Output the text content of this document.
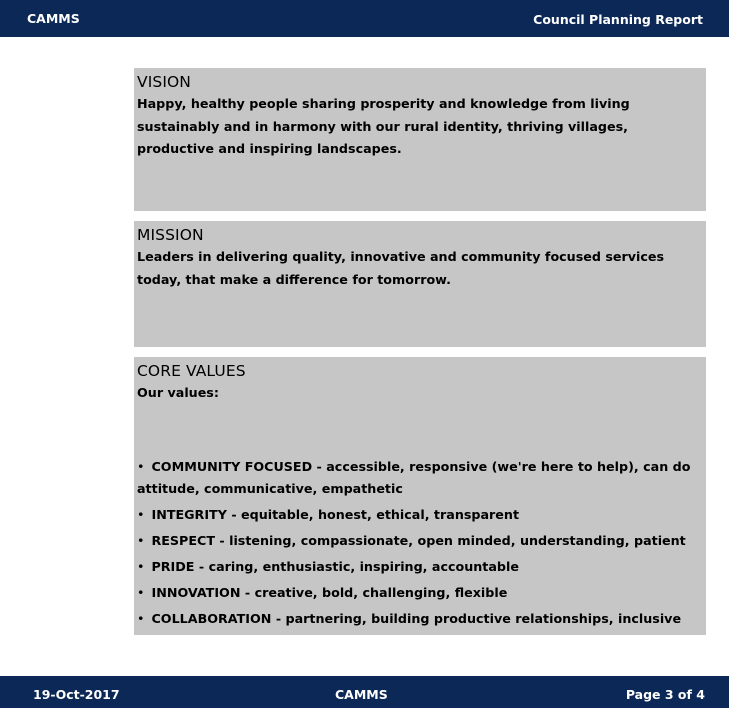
CAMMS	Council Planning Report
VISION

Happy, healthy people sharing prosperity and knowledge from living sustainably and in harmony with our rural identity, thriving villages, productive and inspiring landscapes.

MISSION

Leaders in delivering quality, innovative and community focused services today, that make a difference for tomorrow.

CORE VALUES

Our values:

• COMMUNITY FOCUSED - accessible, responsive (we're here to help), can do attitude, communicative, empathetic
• INTEGRITY - equitable, honest, ethical, transparent
• RESPECT - listening, compassionate, open minded, understanding, patient
• PRIDE - caring, enthusiastic, inspiring, accountable
• INNOVATION - creative, bold, challenging, flexible
• COLLABORATION - partnering, building productive relationships, inclusive
19-Oct-2017	CAMMS	Page 3 of 4
